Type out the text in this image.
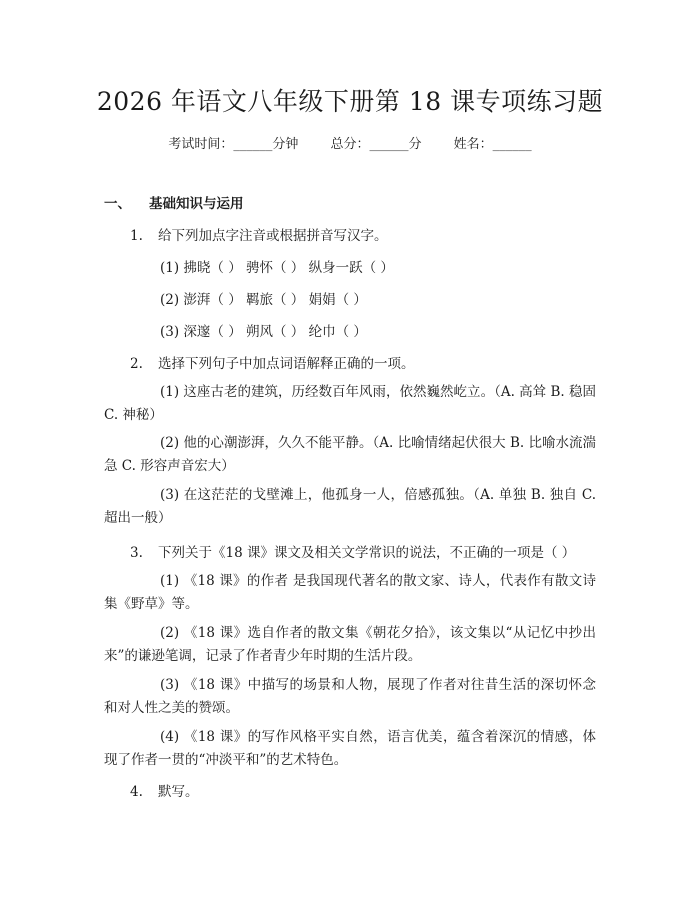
2026 年语文八年级下册第 18 课专项练习题
考试时间：______分钟 总分：______分 姓名：______
一、 基础知识与运用
1. 给下列加点字注音或根据拼音写汉字。
(1) 拂晓（ ） 骋怀（ ） 纵身一跃（ ）
(2) 澎湃（ ） 羁旅（ ） 娟娟（ ）
(3) 深邃（ ） 朔风（ ） 纶巾（ ）
2. 选择下列句子中加点词语解释正确的一项。
(1) 这座古老的建筑，历经数百年风雨，依然巍然屹立。（A. 高耸 B. 稳固 C. 神秘）
(2) 他的心潮澎湃，久久不能平静。（A. 比喻情绪起伏很大 B. 比喻水流湍急 C. 形容声音宏大）
(3) 在这茫茫的戈壁滩上，他孤身一人，倍感孤独。（A. 单独 B. 独自 C. 超出一般）
3. 下列关于《18 课》课文及相关文学常识的说法，不正确的一项是（ ）
(1) 《18 课》的作者 是我国现代著名的散文家、诗人，代表作有散文诗集《野草》等。
(2) 《18 课》选自作者的散文集《朝花夕拾》，该文集以“从记忆中抄出来”的谦逊笔调，记录了作者青少年时期的生活片段。
(3) 《18 课》中描写的场景和人物，展现了作者对往昔生活的深切怀念和对人性之美的赞颂。
(4) 《18 课》的写作风格平实自然，语言优美，蕴含着深沉的情感，体现了作者一贯的“冲淡平和”的艺术特色。
4. 默写。
